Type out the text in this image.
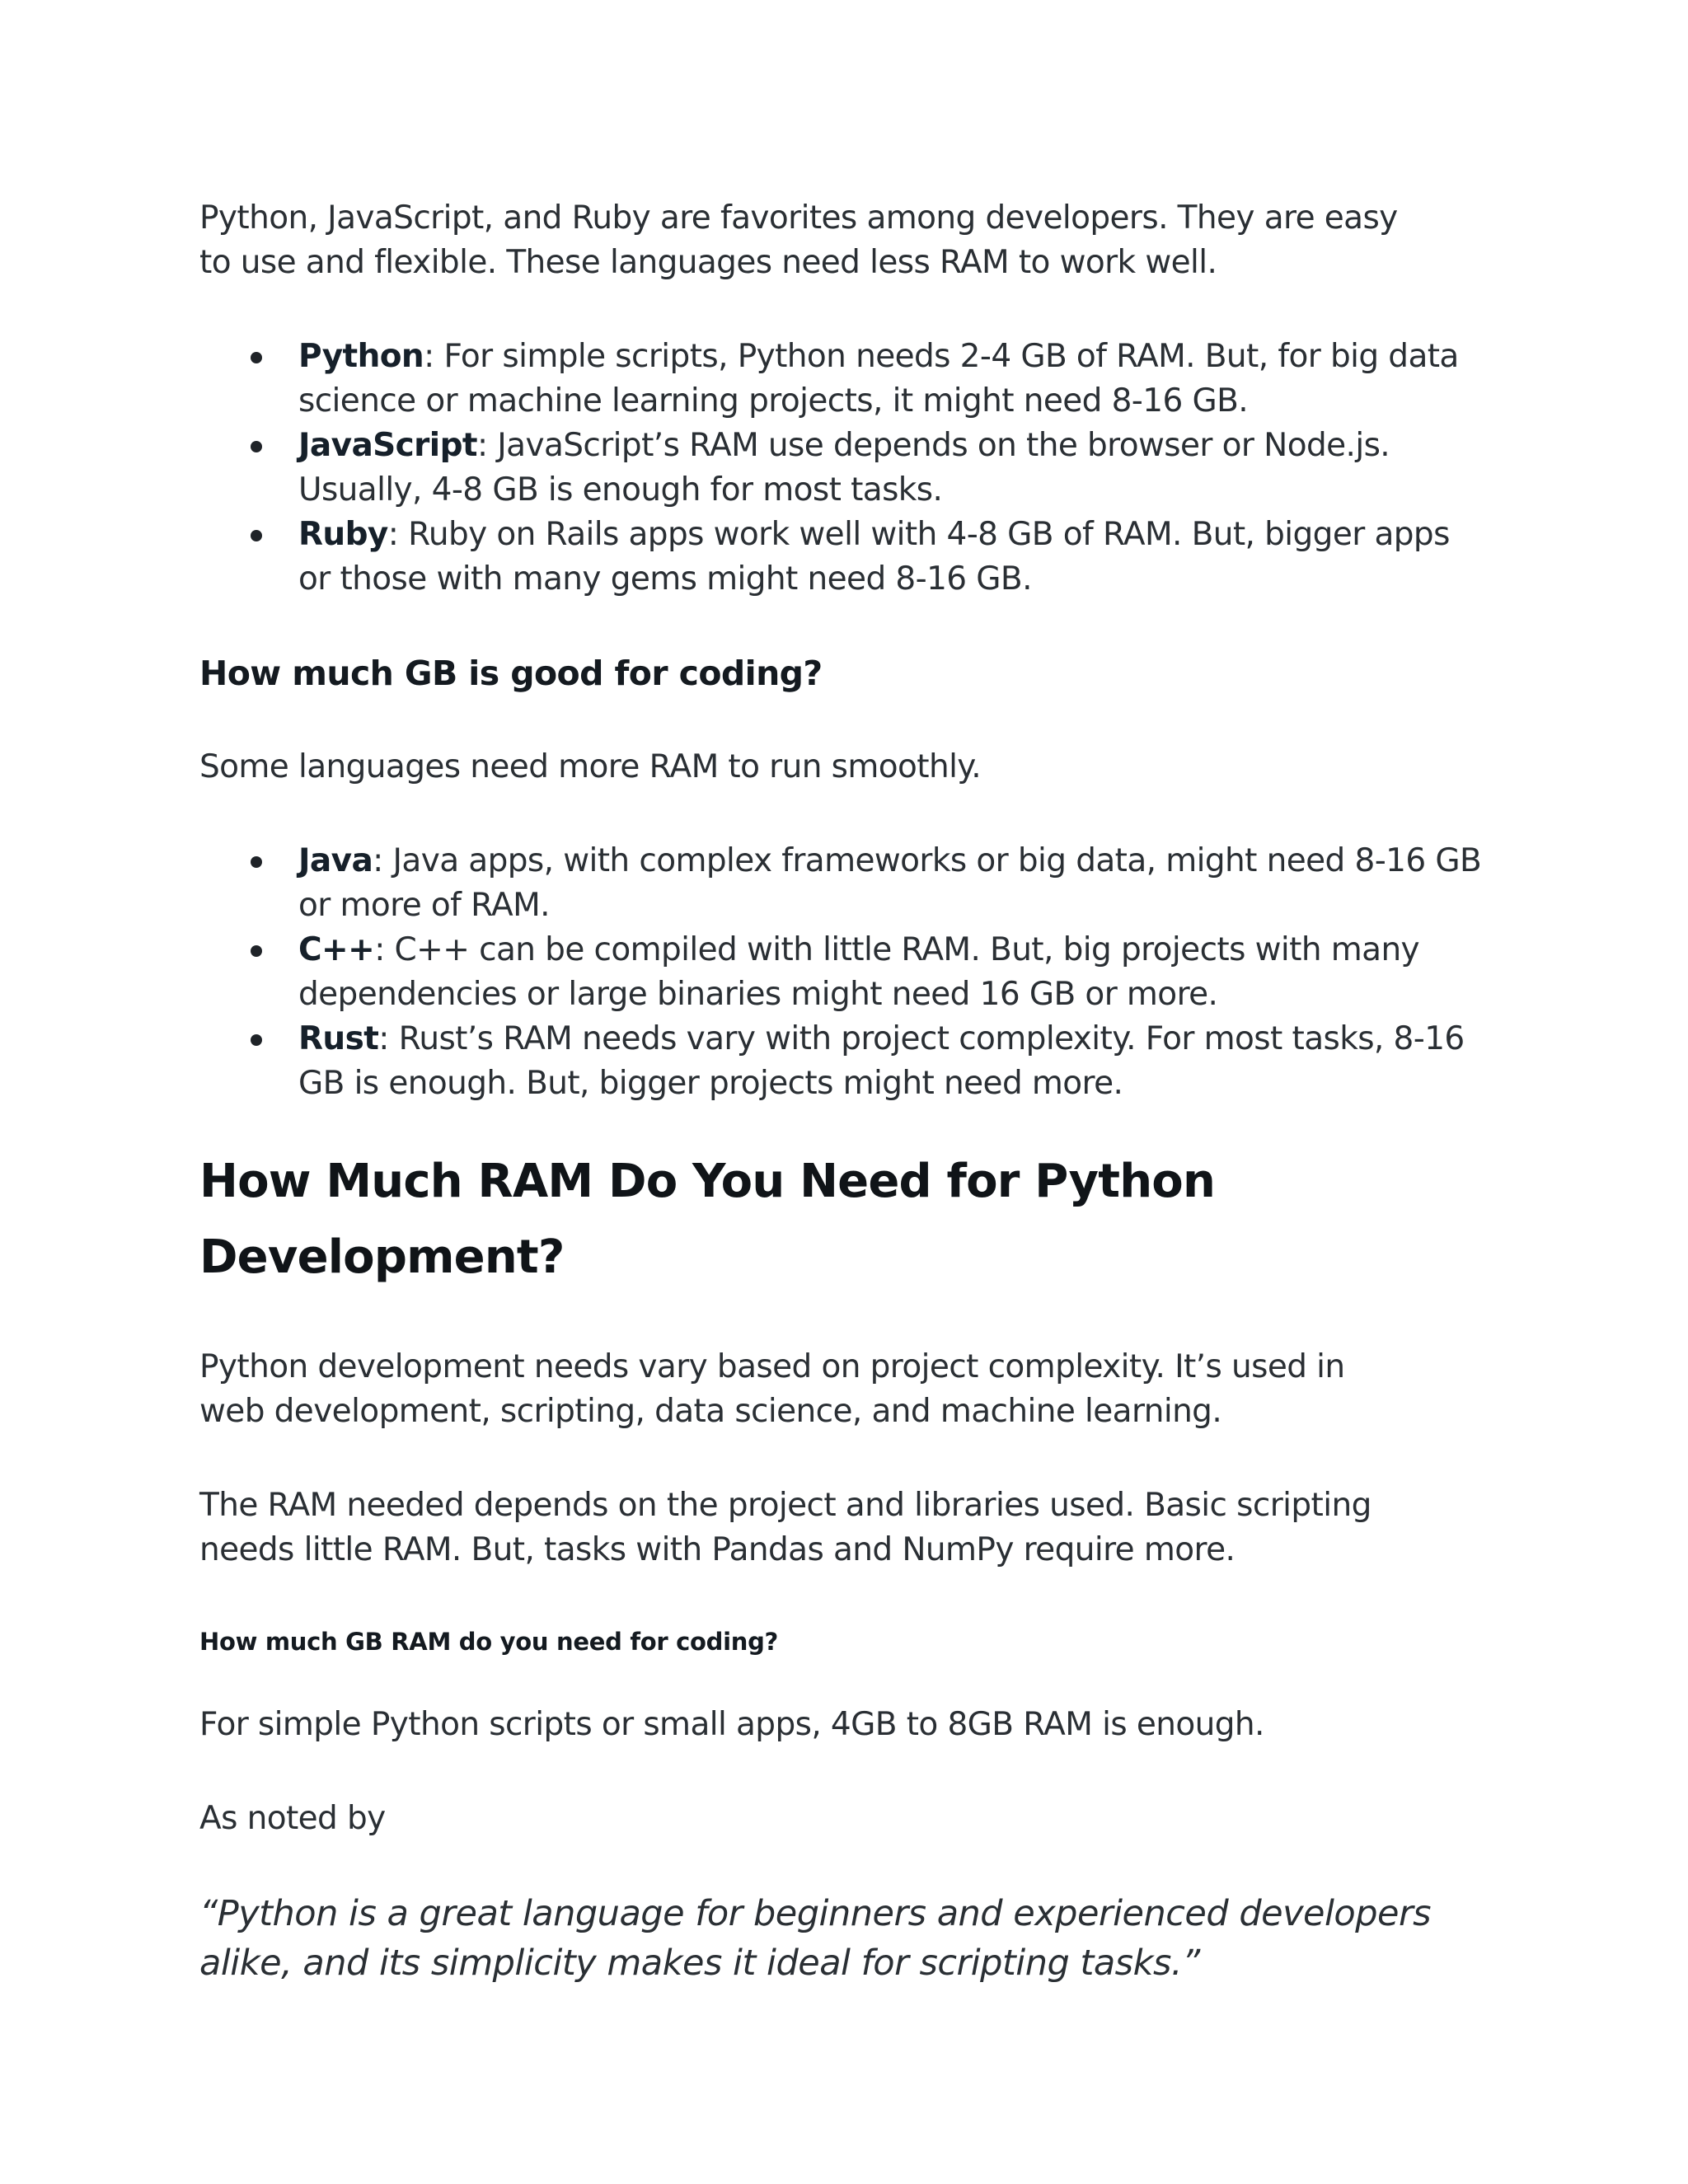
Python, JavaScript, and Ruby are favorites among developers. They are easy to use and flexible. These languages need less RAM to work well.

Python: For simple scripts, Python needs 2-4 GB of RAM. But, for big data science or machine learning projects, it might need 8-16 GB.
JavaScript: JavaScript’s RAM use depends on the browser or Node.js. Usually, 4-8 GB is enough for most tasks.
Ruby: Ruby on Rails apps work well with 4-8 GB of RAM. But, bigger apps or those with many gems might need 8-16 GB.
How much GB is good for coding?

Some languages need more RAM to run smoothly.

Java: Java apps, with complex frameworks or big data, might need 8-16 GB or more of RAM.
C++: C++ can be compiled with little RAM. But, big projects with many dependencies or large binaries might need 16 GB or more.
Rust: Rust’s RAM needs vary with project complexity. For most tasks, 8-16 GB is enough. But, bigger projects might need more.
How Much RAM Do You Need for Python
Development?

Python development needs vary based on project complexity. It’s used in web development, scripting, data science, and machine learning.

The RAM needed depends on the project and libraries used. Basic scripting needs little RAM. But, tasks with Pandas and NumPy require more.

How much GB RAM do you need for coding?

For simple Python scripts or small apps, 4GB to 8GB RAM is enough.

As noted by

“Python is a great language for beginners and experienced developers alike, and its simplicity makes it ideal for scripting tasks.”
